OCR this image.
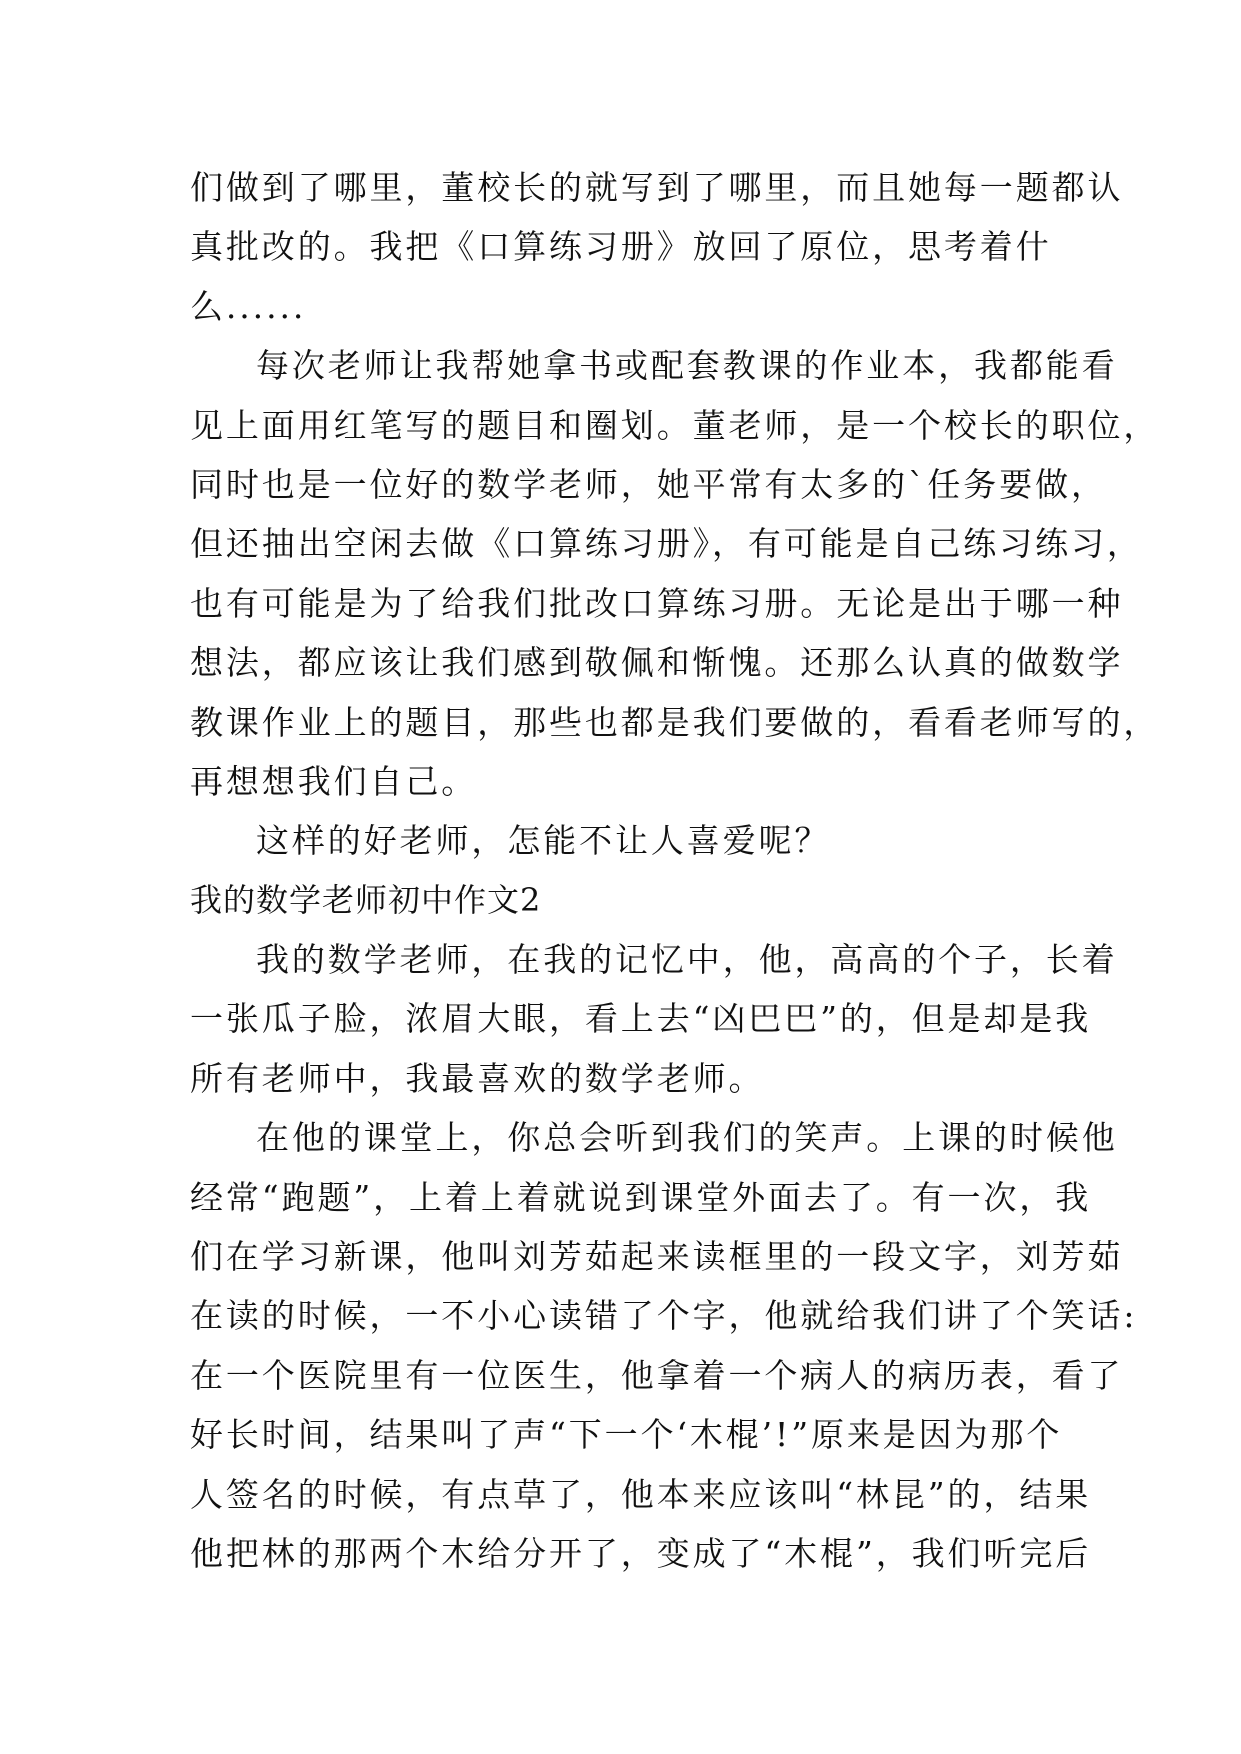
们做到了哪里，董校长的就写到了哪里，而且她每一题都认
真批改的。我把《口算练习册》放回了原位，思考着什
么......
每次老师让我帮她拿书或配套教课的作业本，我都能看
见上面用红笔写的题目和圈划。董老师，是一个校长的职位，
同时也是一位好的数学老师，她平常有太多的`任务要做，
但还抽出空闲去做《口算练习册》，有可能是自己练习练习，
也有可能是为了给我们批改口算练习册。无论是出于哪一种
想法，都应该让我们感到敬佩和惭愧。还那么认真的做数学
教课作业上的题目，那些也都是我们要做的，看看老师写的，
再想想我们自己。
这样的好老师，怎能不让人喜爱呢？
我的数学老师初中作文2
我的数学老师，在我的记忆中，他，高高的个子，长着
一张瓜子脸，浓眉大眼，看上去“凶巴巴”的，但是却是我
所有老师中，我最喜欢的数学老师。
在他的课堂上，你总会听到我们的笑声。上课的时候他
经常“跑题”，上着上着就说到课堂外面去了。有一次，我
们在学习新课，他叫刘芳茹起来读框里的一段文字，刘芳茹
在读的时候，一不小心读错了个字，他就给我们讲了个笑话:
在一个医院里有一位医生，他拿着一个病人的病历表，看了
好长时间，结果叫了声“下一个‘木棍’!”原来是因为那个
人签名的时候，有点草了，他本来应该叫“林昆”的，结果
他把林的那两个木给分开了，变成了“木棍”，我们听完后
